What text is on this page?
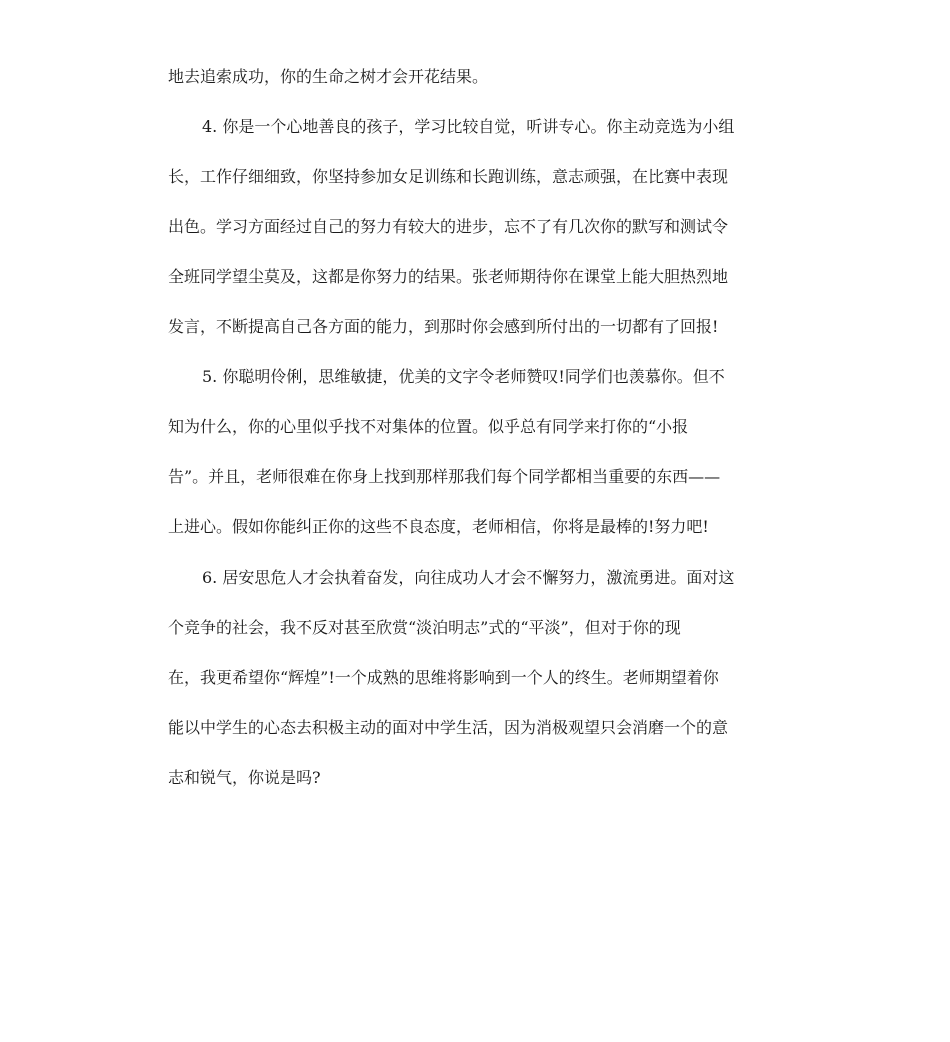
地去追索成功，你的生命之树才会开花结果。
4. 你是一个心地善良的孩子，学习比较自觉，听讲专心。你主动竞选为小组
长，工作仔细细致，你坚持参加女足训练和长跑训练，意志顽强，在比赛中表现
出色。学习方面经过自己的努力有较大的进步，忘不了有几次你的默写和测试令
全班同学望尘莫及，这都是你努力的结果。张老师期待你在课堂上能大胆热烈地
发言，不断提高自己各方面的能力，到那时你会感到所付出的一切都有了回报!
5. 你聪明伶俐，思维敏捷，优美的文字令老师赞叹!同学们也羡慕你。但不
知为什么，你的心里似乎找不对集体的位置。似乎总有同学来打你的“小报
告”。并且，老师很难在你身上找到那样那我们每个同学都相当重要的东西——
上进心。假如你能纠正你的这些不良态度，老师相信，你将是最棒的!努力吧!
6. 居安思危人才会执着奋发，向往成功人才会不懈努力，激流勇进。面对这
个竞争的社会，我不反对甚至欣赏“淡泊明志”式的“平淡”，但对于你的现
在，我更希望你“辉煌”!一个成熟的思维将影响到一个人的终生。老师期望着你
能以中学生的心态去积极主动的面对中学生活，因为消极观望只会消磨一个的意
志和锐气，你说是吗?
